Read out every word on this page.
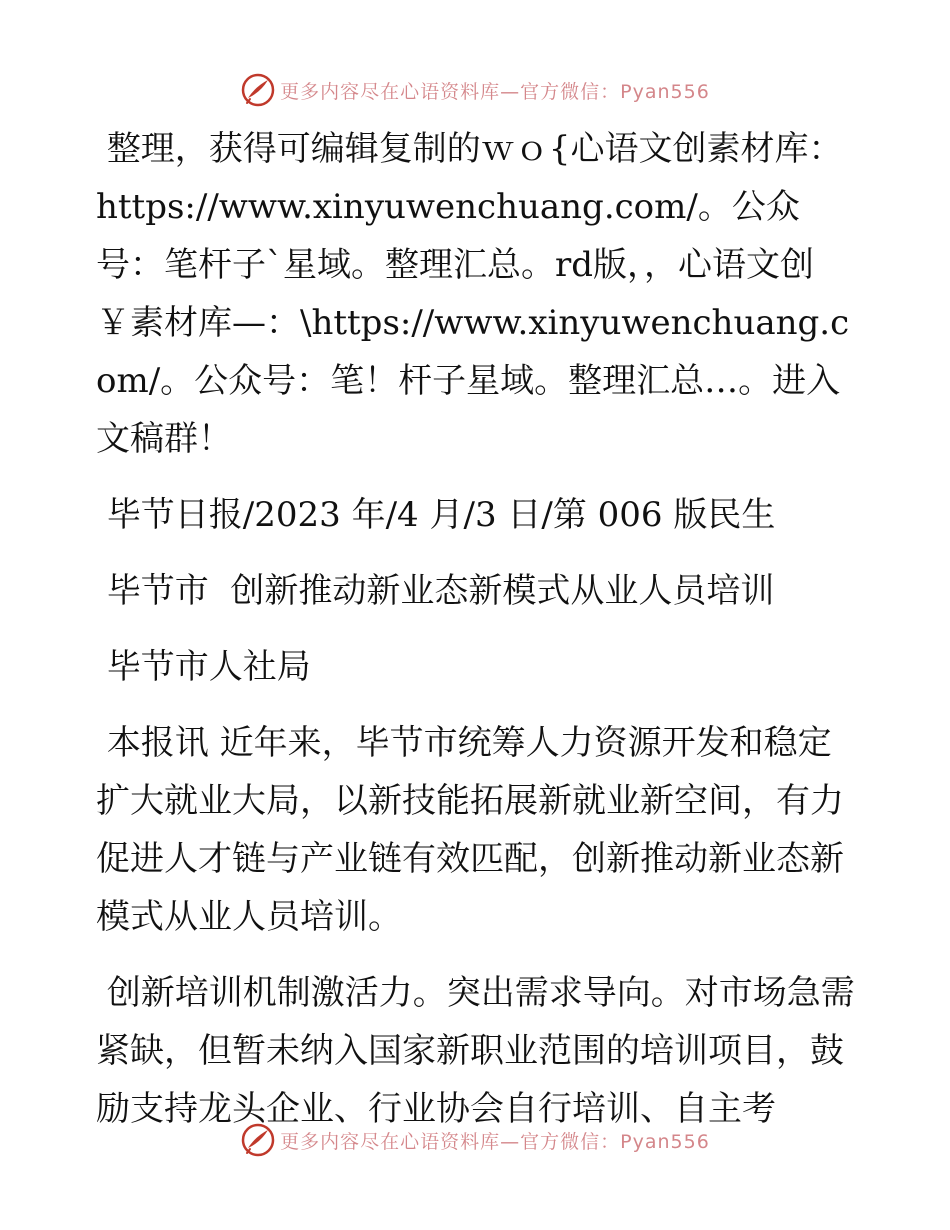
更多内容尽在心语资料库—官方微信：Pyan556

整理，获得可编辑复制的ｗｏ{心语文创素材库：https://www.xinyuwenchuang.com/。公众号：笔杆子`星域。整理汇总。rd版，，心语文创￥素材库—：\https://www.xinyuwenchuang.com/。公众号：笔！杆子星域。整理汇总…。进入文稿群！

毕节日报/2023 年/4 月/3 日/第 006 版民生

毕节市  创新推动新业态新模式从业人员培训

毕节市人社局

本报讯 近年来，毕节市统筹人力资源开发和稳定扩大就业大局，以新技能拓展新就业新空间，有力促进人才链与产业链有效匹配，创新推动新业态新模式从业人员培训。

创新培训机制激活力。突出需求导向。对市场急需紧缺，但暂未纳入国家新职业范围的培训项目，鼓励支持龙头企业、行业协会自行培训、自主考

更多内容尽在心语资料库—官方微信：Pyan556
